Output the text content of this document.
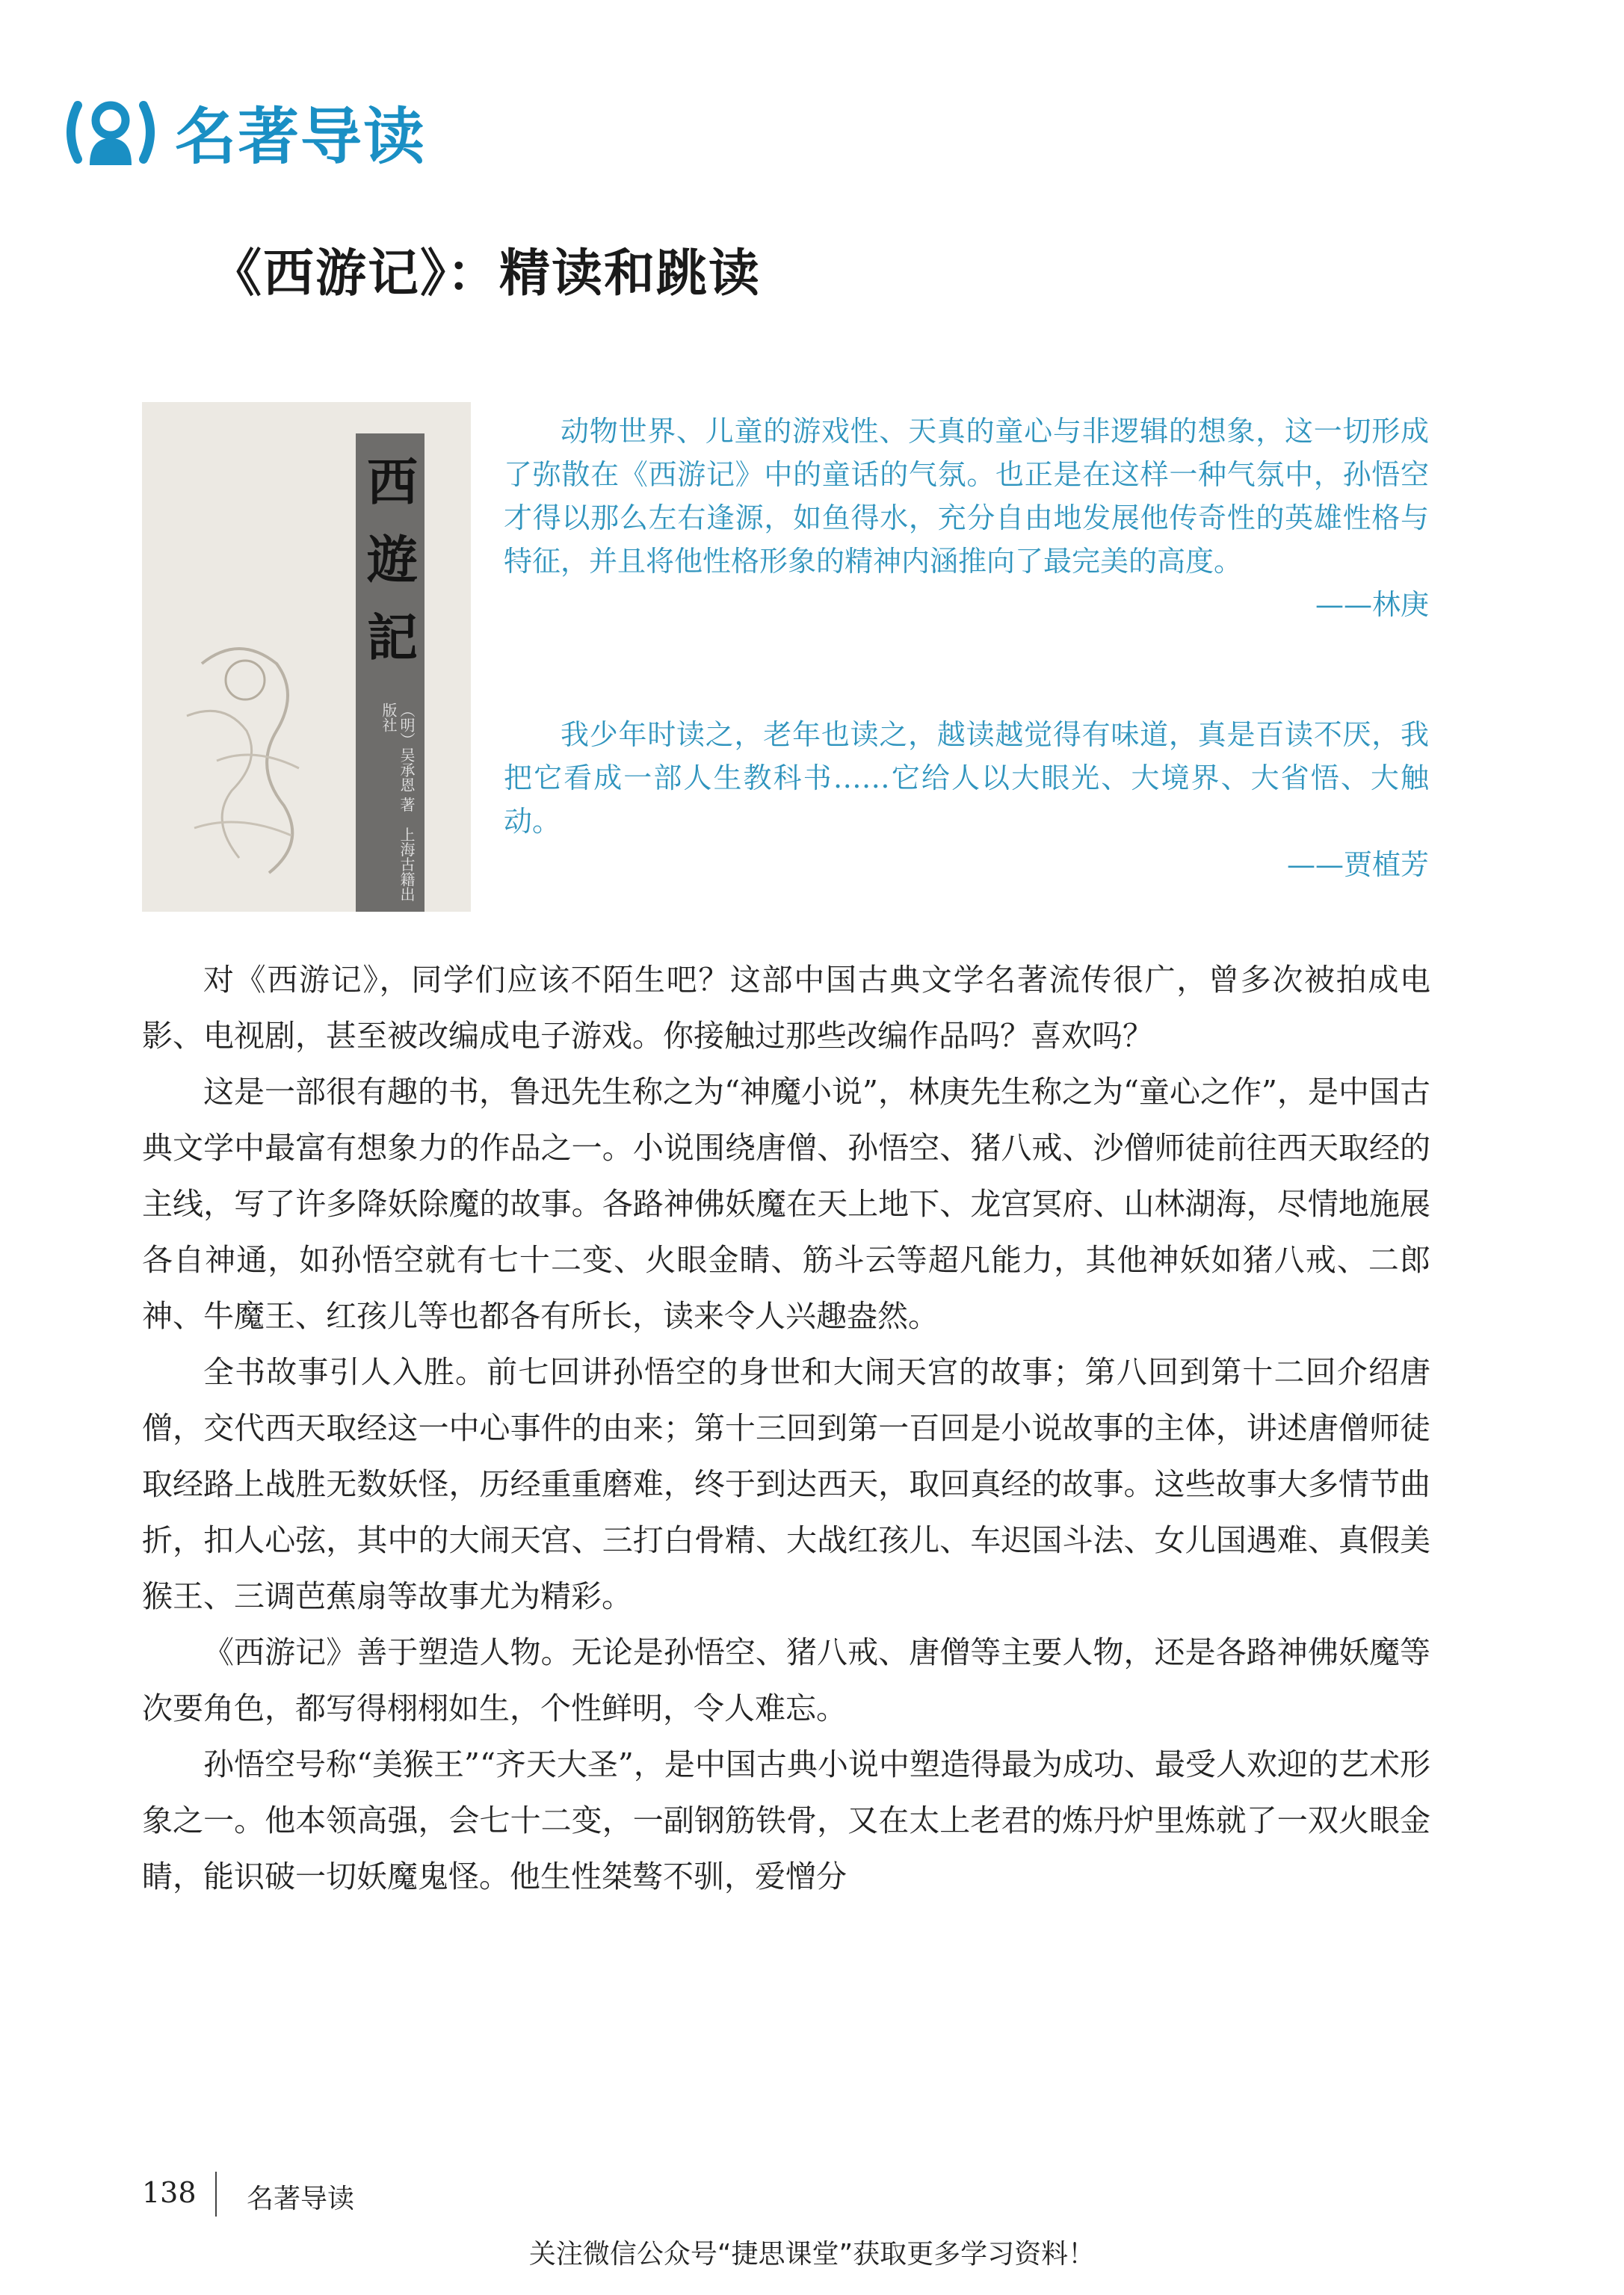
名著导读
《西游记》：精读和跳读
西
遊
記
（明）吴承恩 著　上海古籍出版社

动物世界、儿童的游戏性、天真的童心与非逻辑的想象，这一切形成了弥散在《西游记》中的童话的气氛。也正是在这样一种气氛中，孙悟空才得以那么左右逢源，如鱼得水，充分自由地发展他传奇性的英雄性格与特征，并且将他性格形象的精神内涵推向了最完美的高度。

——林庚

我少年时读之，老年也读之，越读越觉得有味道，真是百读不厌，我把它看成一部人生教科书……它给人以大眼光、大境界、大省悟、大触动。

——贾植芳

对《西游记》，同学们应该不陌生吧？这部中国古典文学名著流传很广，曾多次被拍成电影、电视剧，甚至被改编成电子游戏。你接触过那些改编作品吗？喜欢吗？

这是一部很有趣的书，鲁迅先生称之为“神魔小说”，林庚先生称之为“童心之作”，是中国古典文学中最富有想象力的作品之一。小说围绕唐僧、孙悟空、猪八戒、沙僧师徒前往西天取经的主线，写了许多降妖除魔的故事。各路神佛妖魔在天上地下、龙宫冥府、山林湖海，尽情地施展各自神通，如孙悟空就有七十二变、火眼金睛、筋斗云等超凡能力，其他神妖如猪八戒、二郎神、牛魔王、红孩儿等也都各有所长，读来令人兴趣盎然。

全书故事引人入胜。前七回讲孙悟空的身世和大闹天宫的故事；第八回到第十二回介绍唐僧，交代西天取经这一中心事件的由来；第十三回到第一百回是小说故事的主体，讲述唐僧师徒取经路上战胜无数妖怪，历经重重磨难，终于到达西天，取回真经的故事。这些故事大多情节曲折，扣人心弦，其中的大闹天宫、三打白骨精、大战红孩儿、车迟国斗法、女儿国遇难、真假美猴王、三调芭蕉扇等故事尤为精彩。

《西游记》善于塑造人物。无论是孙悟空、猪八戒、唐僧等主要人物，还是各路神佛妖魔等次要角色，都写得栩栩如生，个性鲜明，令人难忘。

孙悟空号称“美猴王”“齐天大圣”，是中国古典小说中塑造得最为成功、最受人欢迎的艺术形象之一。他本领高强，会七十二变，一副钢筋铁骨，又在太上老君的炼丹炉里炼就了一双火眼金睛，能识破一切妖魔鬼怪。他生性桀骜不驯，爱憎分

138 名著导读
关注微信公众号“捷思课堂”获取更多学习资料！
